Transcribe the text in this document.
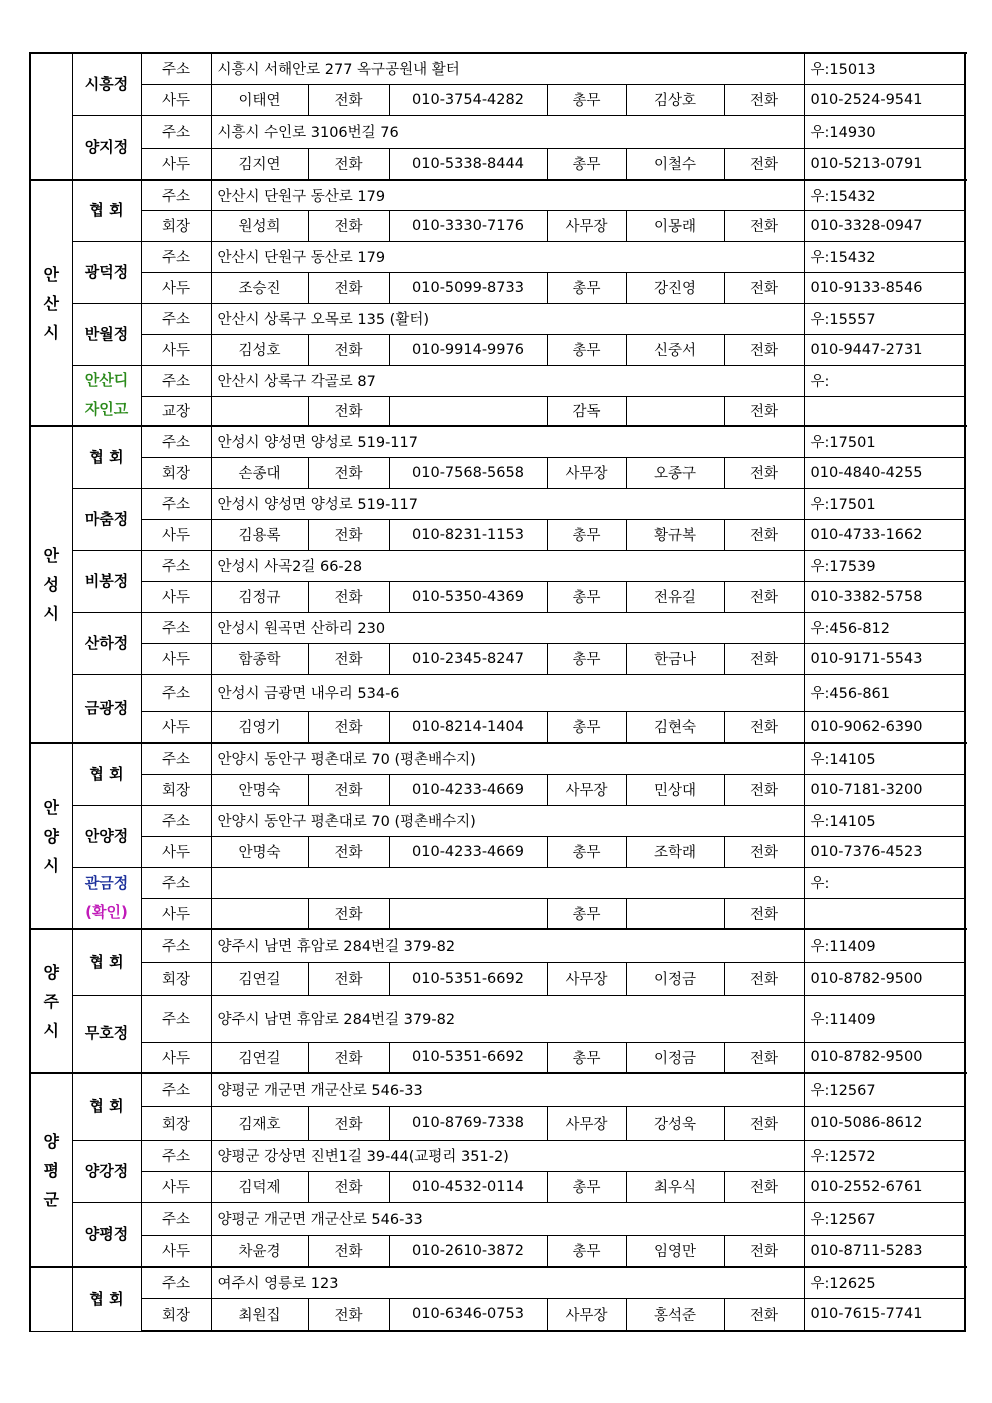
	시흥정	주소	시흥시 서해안로 277 옥구공원내 활터						우:15013		
		사두	이태연	전화	010-3754-4282	총무	김상호	전화	010-2524-9541	

	양지정	주소	시흥시 수인로 3106번길 76						우:14930		
		사두	김지연	전화	010-5338-8444	총무	이철수	전화	010-5213-0791	
안산시	협 회	주소	안산시 단원구 동산로 179						우:15432		
		회장	원성희	전화	010-3330-7176	사무장	이몽래	전화	010-3328-0947	

	광덕정	주소	안산시 단원구 동산로 179						우:15432		
		사두	조승진	전화	010-5099-8733	총무	강진영	전화	010-9133-8546	

	반월정	주소	안산시 상록구 오목로 135 (활터)						우:15557		
		사두	김성호	전화	010-9914-9976	총무	신중서	전화	010-9447-2731	

	안산디
자인고	주소	안산시 상록구 각골로 87						우:		
		교장		전화		감독		전화		
안성시	협 회	주소	안성시 양성면 양성로 519-117						우:17501		
		회장	손종대	전화	010-7568-5658	사무장	오종구	전화	010-4840-4255	

	마춤정	주소	안성시 양성면 양성로 519-117						우:17501		
		사두	김용록	전화	010-8231-1153	총무	황규복	전화	010-4733-1662	

	비봉정	주소	안성시 사곡2길 66-28						우:17539		
		사두	김정규	전화	010-5350-4369	총무	전유길	전화	010-3382-5758	

	산하정	주소	안성시 원곡면 산하리 230						우:456-812		
		사두	함종학	전화	010-2345-8247	총무	한금나	전화	010-9171-5543	

	금광정	주소	안성시 금광면 내우리 534-6						우:456-861		
		사두	김영기	전화	010-8214-1404	총무	김현숙	전화	010-9062-6390	
안양시	협 회	주소	안양시 동안구 평촌대로 70 (평촌배수지)						우:14105		
		회장	안명숙	전화	010-4233-4669	사무장	민상대	전화	010-7181-3200	

	안양정	주소	안양시 동안구 평촌대로 70 (평촌배수지)						우:14105		
		사두	안명숙	전화	010-4233-4669	총무	조학래	전화	010-7376-4523	

	관금정
(확인)	주소							우:		
		사두		전화		총무		전화		
양주시	협 회	주소	양주시 남면 휴암로 284번길 379-82						우:11409		
		회장	김연길	전화	010-5351-6692	사무장	이정금	전화	010-8782-9500	

	무호정	주소	양주시 남면 휴암로 284번길 379-82						우:11409		
		사두	김연길	전화	010-5351-6692	총무	이정금	전화	010-8782-9500	
양평군	협 회	주소	양평군 개군면 개군산로 546-33						우:12567		
		회장	김재호	전화	010-8769-7338	사무장	강성욱	전화	010-5086-8612	

	양강정	주소	양평군 강상면 진변1길 39-44(교평리 351-2)						우:12572		
		사두	김덕제	전화	010-4532-0114	총무	최우식	전화	010-2552-6761	

	양평정	주소	양평군 개군면 개군산로 546-33						우:12567		
		사두	차윤경	전화	010-2610-3872	총무	임영만	전화	010-8711-5283	

	협 회	주소	여주시 영릉로 123						우:12625		
		회장	최원집	전화	010-6346-0753	사무장	홍석준	전화	010-7615-7741	
